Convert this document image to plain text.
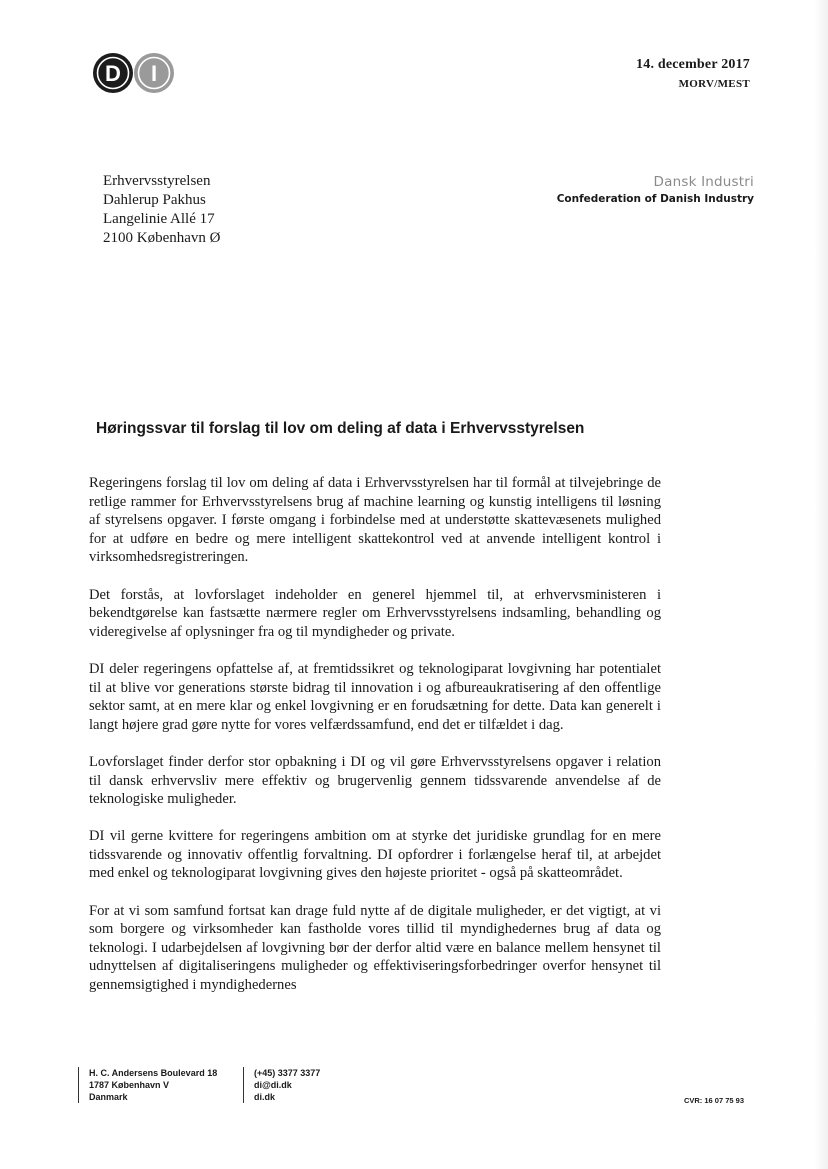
D I	14. december 2017
MORV/MEST
Erhvervsstyrelsen
Dahlerup Pakhus
Langelinie Allé 17
2100 København Ø
Dansk Industri
Confederation of Danish Industry
Høringssvar til forslag til lov om deling af data i Erhvervsstyrelsen

Regeringens forslag til lov om deling af data i Erhvervsstyrelsen har til formål at tilvejebringe de retlige rammer for Erhvervsstyrelsens brug af machine learning og kunstig intelligens til løsning af styrelsens opgaver. I første omgang i forbindelse med at understøtte skattevæsenets mulighed for at udføre en bedre og mere intelligent skattekontrol ved at anvende intelligent kontrol i virksomhedsregistreringen.

Det forstås, at lovforslaget indeholder en generel hjemmel til, at erhvervsministeren i bekendtgørelse kan fastsætte nærmere regler om Erhvervsstyrelsens indsamling, behandling og videregivelse af oplysninger fra og til myndigheder og private.

DI deler regeringens opfattelse af, at fremtidssikret og teknologiparat lovgivning har potentialet til at blive vor generations største bidrag til innovation i og afbureaukratisering af den offentlige sektor samt, at en mere klar og enkel lovgivning er en forudsætning for dette. Data kan generelt i langt højere grad gøre nytte for vores velfærdssamfund, end det er tilfældet i dag.

Lovforslaget finder derfor stor opbakning i DI og vil gøre Erhvervsstyrelsens opgaver i relation til dansk erhvervsliv mere effektiv og brugervenlig gennem tidssvarende anvendelse af de teknologiske muligheder.

DI vil gerne kvittere for regeringens ambition om at styrke det juridiske grundlag for en mere tidssvarende og innovativ offentlig forvaltning. DI opfordrer i forlængelse heraf til, at arbejdet med enkel og teknologiparat lovgivning gives den højeste prioritet - også på skatteområdet.

For at vi som samfund fortsat kan drage fuld nytte af de digitale muligheder, er det vigtigt, at vi som borgere og virksomheder kan fastholde vores tillid til myndighedernes brug af data og teknologi. I udarbejdelsen af lovgivning bør der derfor altid være en balance mellem hensynet til udnyttelsen af digitaliseringens muligheder og effektiviseringsforbedringer overfor hensynet til gennemsigtighed i myndighedernes

H. C. Andersens Boulevard 18
1787 København V
Danmark
(+45) 3377 3377
di@di.dk
di.dk	CVR: 16 07 75 93
